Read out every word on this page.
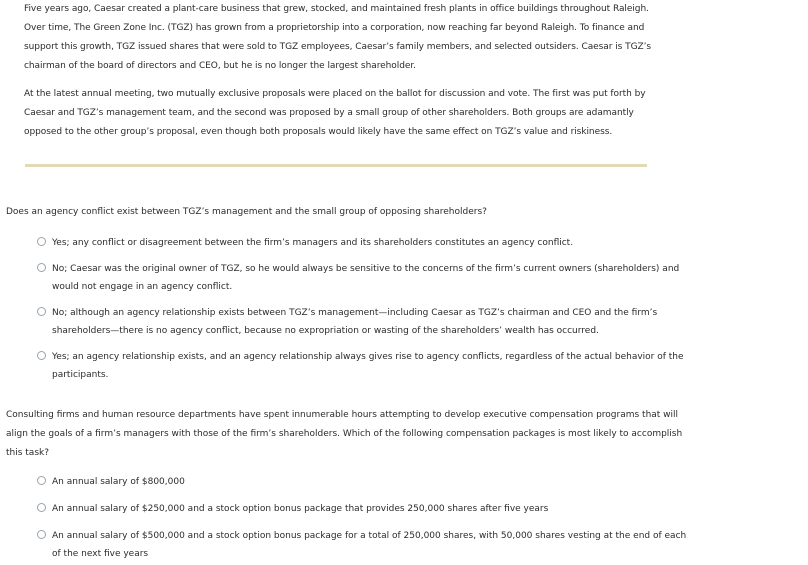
Five years ago, Caesar created a plant-care business that grew, stocked, and maintained fresh plants in office buildings throughout Raleigh. Over time, The Green Zone Inc. (TGZ) has grown from a proprietorship into a corporation, now reaching far beyond Raleigh. To finance and support this growth, TGZ issued shares that were sold to TGZ employees, Caesar’s family members, and selected outsiders. Caesar is TGZ’s chairman of the board of directors and CEO, but he is no longer the largest shareholder.

At the latest annual meeting, two mutually exclusive proposals were placed on the ballot for discussion and vote. The first was put forth by Caesar and TGZ’s management team, and the second was proposed by a small group of other shareholders. Both groups are adamantly opposed to the other group’s proposal, even though both proposals would likely have the same effect on TGZ’s value and riskiness.

Does an agency conflict exist between TGZ’s management and the small group of opposing shareholders?

Yes; any conflict or disagreement between the firm’s managers and its shareholders constitutes an agency conflict.
No; Caesar was the original owner of TGZ, so he would always be sensitive to the concerns of the firm’s current owners (shareholders) and would not engage in an agency conflict.
No; although an agency relationship exists between TGZ’s management—including Caesar as TGZ’s chairman and CEO and the firm’s shareholders—there is no agency conflict, because no expropriation or wasting of the shareholders’ wealth has occurred.
Yes; an agency relationship exists, and an agency relationship always gives rise to agency conflicts, regardless of the actual behavior of the participants.

Consulting firms and human resource departments have spent innumerable hours attempting to develop executive compensation programs that will align the goals of a firm’s managers with those of the firm’s shareholders. Which of the following compensation packages is most likely to accomplish this task?

An annual salary of $800,000
An annual salary of $250,000 and a stock option bonus package that provides 250,000 shares after five years
An annual salary of $500,000 and a stock option bonus package for a total of 250,000 shares, with 50,000 shares vesting at the end of each of the next five years
